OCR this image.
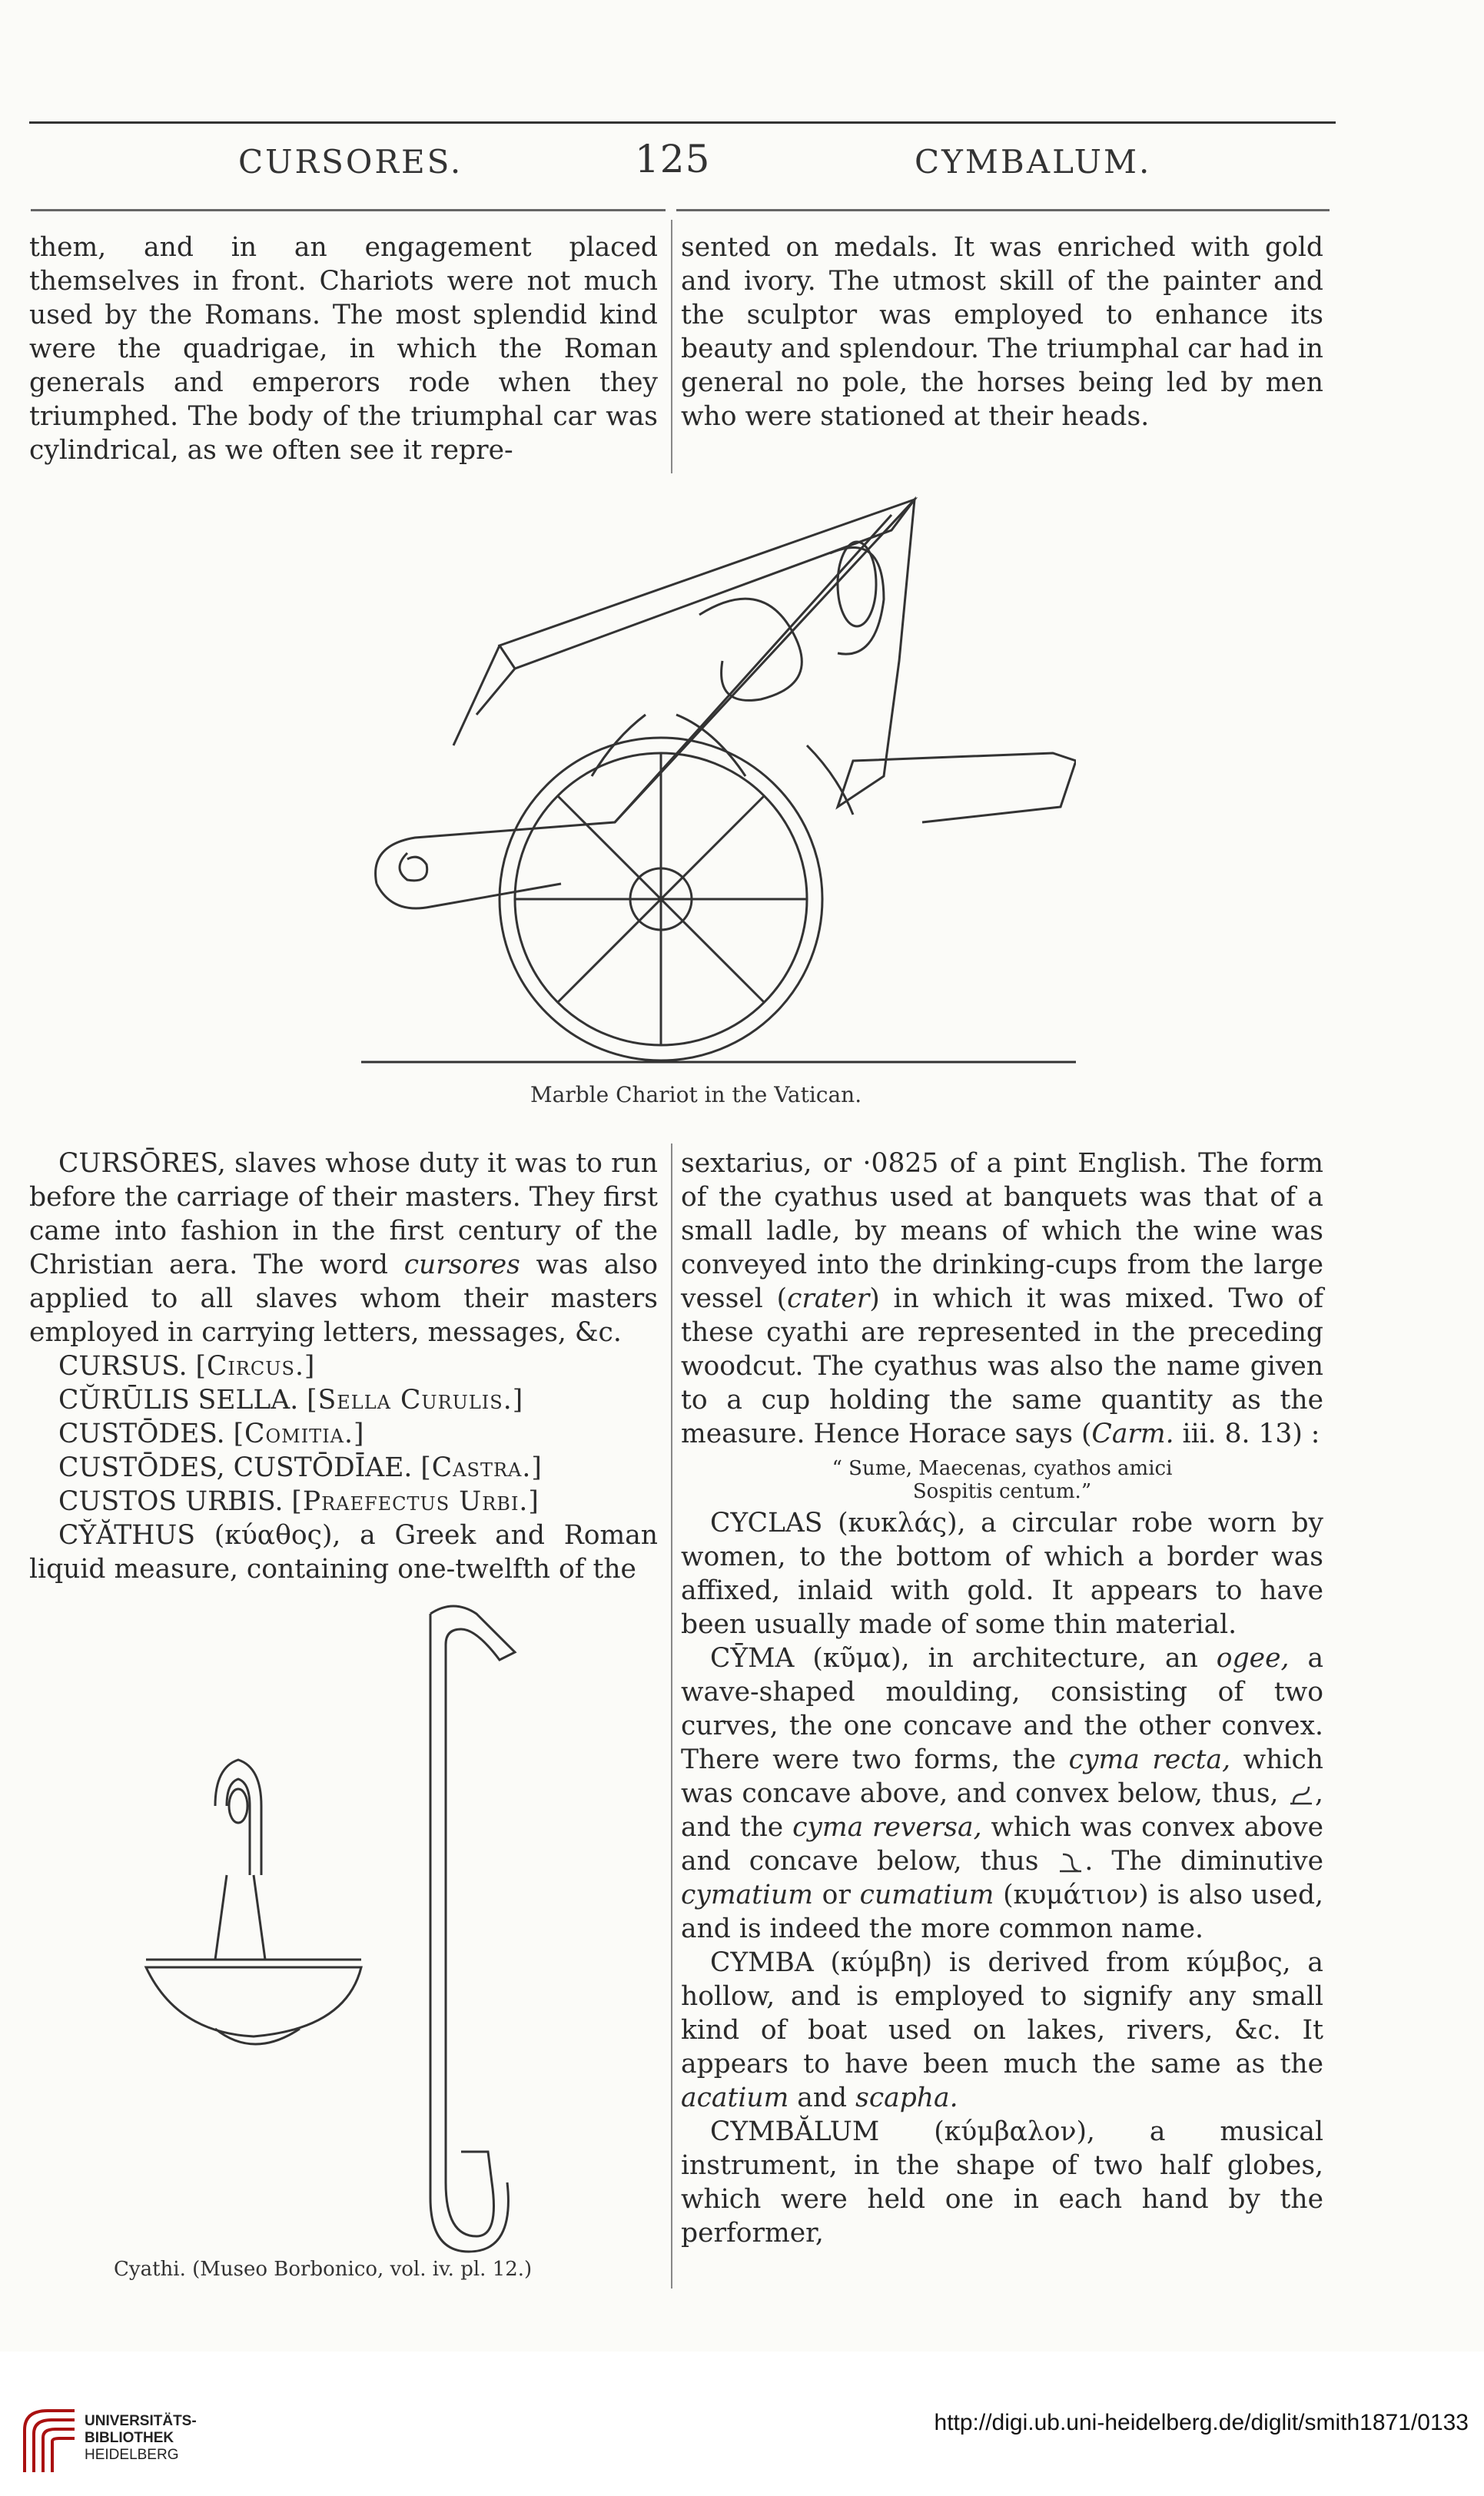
CURSORES.	125	CYMBALUM.

them, and in an engagement placed themselves in front. Chariots were not much used by the Romans. The most splendid kind were the quadrigae, in which the Roman generals and emperors rode when they triumphed. The body of the triumphal car was cylindrical, as we often see it repre-

sented on medals. It was enriched with gold and ivory. The utmost skill of the painter and the sculptor was employed to enhance its beauty and splendour. The triumphal car had in general no pole, the horses being led by men who were stationed at their heads.

Marble Chariot in the Vatican.

CURSŌRES, slaves whose duty it was to run before the carriage of their masters. They first came into fashion in the first century of the Christian aera. The word cursores was also applied to all slaves whom their masters employed in carrying letters, messages, &c.

CURSUS. [Circus.]

CŬRŪLIS SELLA. [Sella Curulis.]

CUSTŌDES. [Comitia.]

CUSTŌDES, CUSTŌDĪAE. [Castra.]

CUSTOS URBIS. [Praefectus Urbi.]

CY̆ĂTHUS (κύαθος), a Greek and Roman liquid measure, containing one-twelfth of the

Cyathi. (Museo Borbonico, vol. iv. pl. 12.)

sextarius, or ·0825 of a pint English. The form of the cyathus used at banquets was that of a small ladle, by means of which the wine was conveyed into the drinking-cups from the large vessel (crater) in which it was mixed. Two of these cyathi are represented in the preceding woodcut. The cyathus was also the name given to a cup holding the same quantity as the measure. Hence Horace says (Carm. iii. 8. 13) :

“ Sume, Maecenas, cyathos amici
Sospitis centum.”

CYCLAS (κυκλάς), a circular robe worn by women, to the bottom of which a border was affixed, inlaid with gold. It appears to have been usually made of some thin material.

CȲMA (κῦμα), in architecture, an ogee, a wave-shaped moulding, consisting of two curves, the one concave and the other convex. There were two forms, the cyma recta, which was concave above, and convex below, thus, , and the cyma reversa, which was convex above and concave below, thus . The diminutive cymatium or cumatium (κυμάτιον) is also used, and is indeed the more common name.

CYMBA (κύμβη) is derived from κύμβος, a hollow, and is employed to signify any small kind of boat used on lakes, rivers, &c. It appears to have been much the same as the acatium and scapha.

CYMBĂLUM (κύμβαλον), a musical instrument, in the shape of two half globes, which were held one in each hand by the performer,

UNIVERSITÄTS-
BIBLIOTHEK
HEIDELBERG
http://digi.ub.uni-heidelberg.de/diglit/smith1871/0133
